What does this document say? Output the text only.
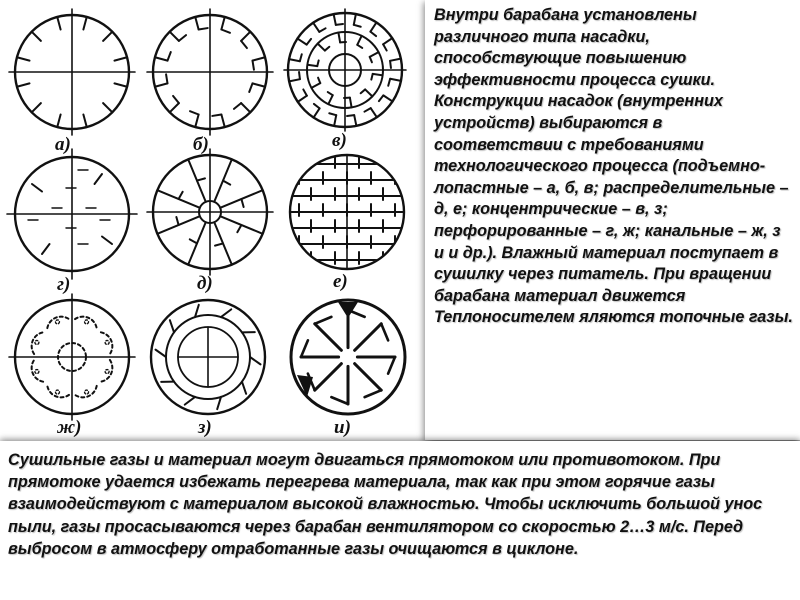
а)	б)	в)
г)	д)	е)
ж)	з)	и)
Внутри барабана установлены различного типа насадки, способствующие повышению эффективности процесса сушки. Конструкции насадок (внутренних устройств) выбираются в соответствии с требованиями технологического процесса (подъемно-лопастные – а, б, в; распределительные – д, е; концентрические – в, з; перфорированные – г, ж; канальные – ж, з и и др.). Влажный материал поступает в сушилку через питатель. При вращении барабана материал движется Теплоносителем яляются топочные газы.
Сушильные газы и материал могут двигаться прямотоком или противотоком. При прямотоке удается избежать перегрева материала, так как при этом горячие газы взаимодействуют с материалом высокой влажностью. Чтобы исключить большой унос пыли, газы просасываются через барабан вентилятором со скоростью 2…3 м/с. Перед выбросом в атмосферу отработанные газы очищаются в циклоне.
